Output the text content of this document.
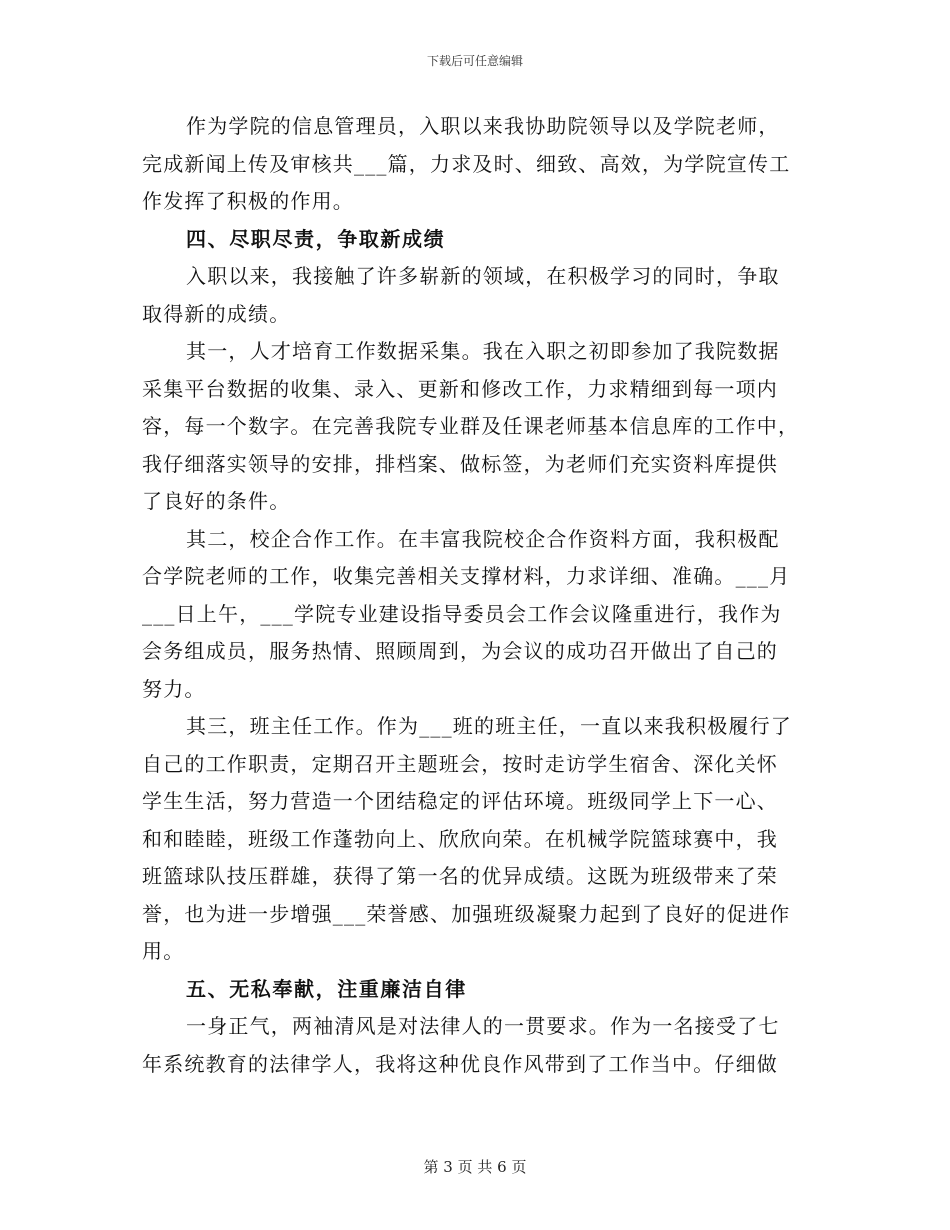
下载后可任意编辑
作为学院的信息管理员，入职以来我协助院领导以及学院老师，
完成新闻上传及审核共___篇，力求及时、细致、高效，为学院宣传工
作发挥了积极的作用。
四、尽职尽责，争取新成绩
入职以来，我接触了许多崭新的领域，在积极学习的同时，争取
取得新的成绩。
其一，人才培育工作数据采集。我在入职之初即参加了我院数据
采集平台数据的收集、录入、更新和修改工作，力求精细到每一项内
容，每一个数字。在完善我院专业群及任课老师基本信息库的工作中，
我仔细落实领导的安排，排档案、做标签，为老师们充实资料库提供
了良好的条件。
其二，校企合作工作。在丰富我院校企合作资料方面，我积极配
合学院老师的工作，收集完善相关支撑材料，力求详细、准确。___月
___日上午，___学院专业建设指导委员会工作会议隆重进行，我作为
会务组成员，服务热情、照顾周到，为会议的成功召开做出了自己的
努力。
其三，班主任工作。作为___班的班主任，一直以来我积极履行了
自己的工作职责，定期召开主题班会，按时走访学生宿舍、深化关怀
学生生活，努力营造一个团结稳定的评估环境。班级同学上下一心、
和和睦睦，班级工作蓬勃向上、欣欣向荣。在机械学院篮球赛中，我
班篮球队技压群雄，获得了第一名的优异成绩。这既为班级带来了荣
誉，也为进一步增强___荣誉感、加强班级凝聚力起到了良好的促进作
用。
五、无私奉献，注重廉洁自律
一身正气，两袖清风是对法律人的一贯要求。作为一名接受了七
年系统教育的法律学人，我将这种优良作风带到了工作当中。仔细做
第 3 页 共 6 页
